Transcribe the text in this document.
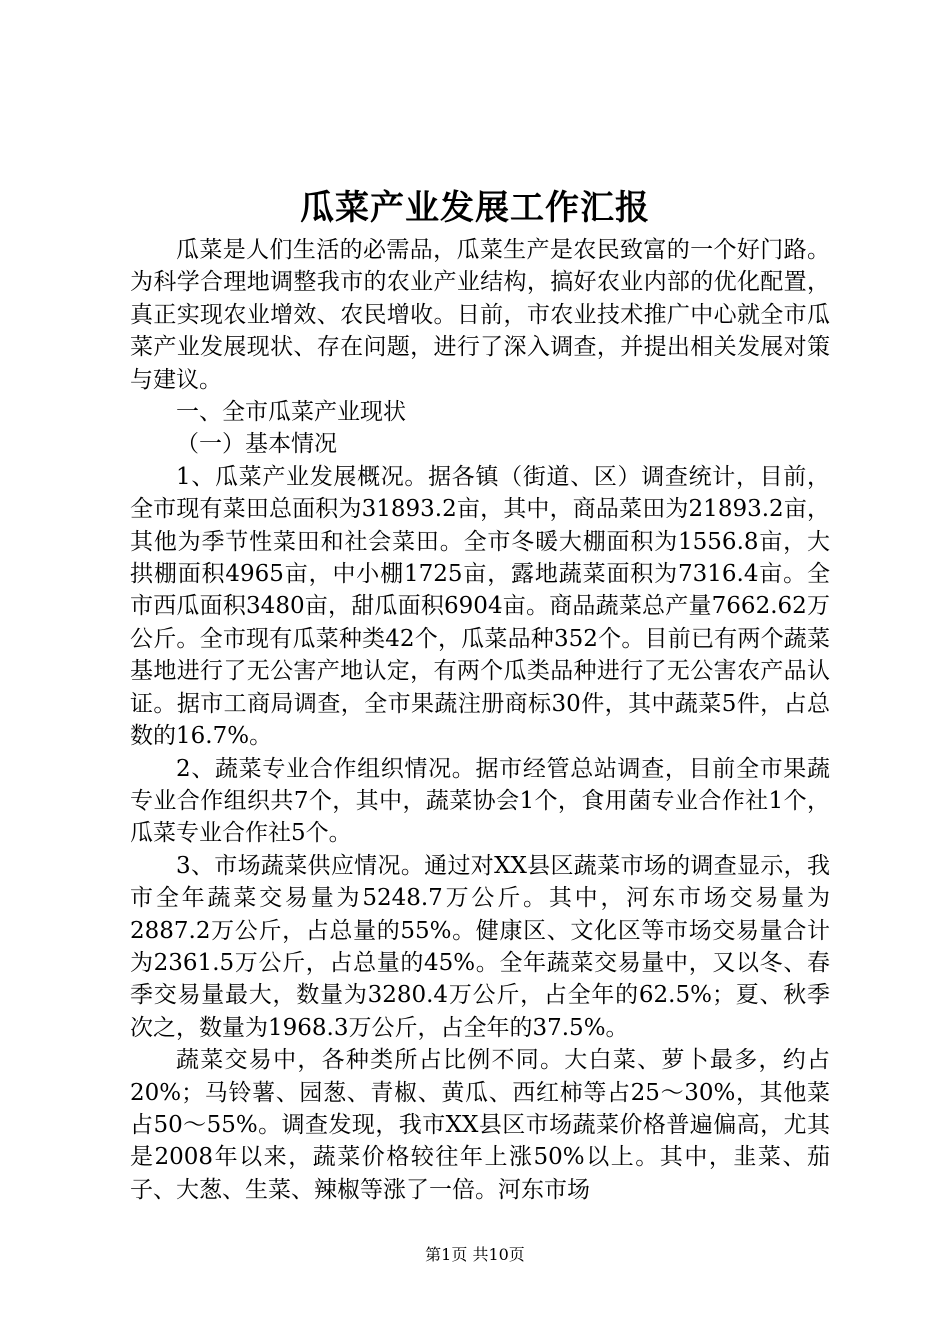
瓜菜产业发展工作汇报

瓜菜是人们生活的必需品，瓜菜生产是农民致富的一个好门路。为科学合理地调整我市的农业产业结构，搞好农业内部的优化配置，真正实现农业增效、农民增收。日前，市农业技术推广中心就全市瓜菜产业发展现状、存在问题，进行了深入调查，并提出相关发展对策与建议。

一、全市瓜菜产业现状

（一）基本情况

1、瓜菜产业发展概况。据各镇（街道、区）调查统计，目前，全市现有菜田总面积为31893.2亩，其中，商品菜田为21893.2亩，其他为季节性菜田和社会菜田。全市冬暖大棚面积为1556.8亩，大拱棚面积4965亩，中小棚1725亩，露地蔬菜面积为7316.4亩。全市西瓜面积3480亩，甜瓜面积6904亩。商品蔬菜总产量7662.62万公斤。全市现有瓜菜种类42个，瓜菜品种352个。目前已有两个蔬菜基地进行了无公害产地认定，有两个瓜类品种进行了无公害农产品认证。据市工商局调查，全市果蔬注册商标30件，其中蔬菜5件，占总数的16.7%。

2、蔬菜专业合作组织情况。据市经管总站调查，目前全市果蔬专业合作组织共7个，其中，蔬菜协会1个，食用菌专业合作社1个，瓜菜专业合作社5个。

3、市场蔬菜供应情况。通过对XX县区蔬菜市场的调查显示，我市全年蔬菜交易量为5248.7万公斤。其中，河东市场交易量为2887.2万公斤，占总量的55%。健康区、文化区等市场交易量合计为2361.5万公斤，占总量的45%。全年蔬菜交易量中，又以冬、春季交易量最大，数量为3280.4万公斤，占全年的62.5%；夏、秋季次之，数量为1968.3万公斤，占全年的37.5%。

蔬菜交易中，各种类所占比例不同。大白菜、萝卜最多，约占20%；马铃薯、园葱、青椒、黄瓜、西红柿等占25～30%，其他菜占50～55%。调查发现，我市XX县区市场蔬菜价格普遍偏高，尤其是2008年以来，蔬菜价格较往年上涨50%以上。其中，韭菜、茄子、大葱、生菜、辣椒等涨了一倍。河东市场

第1页 共10页
